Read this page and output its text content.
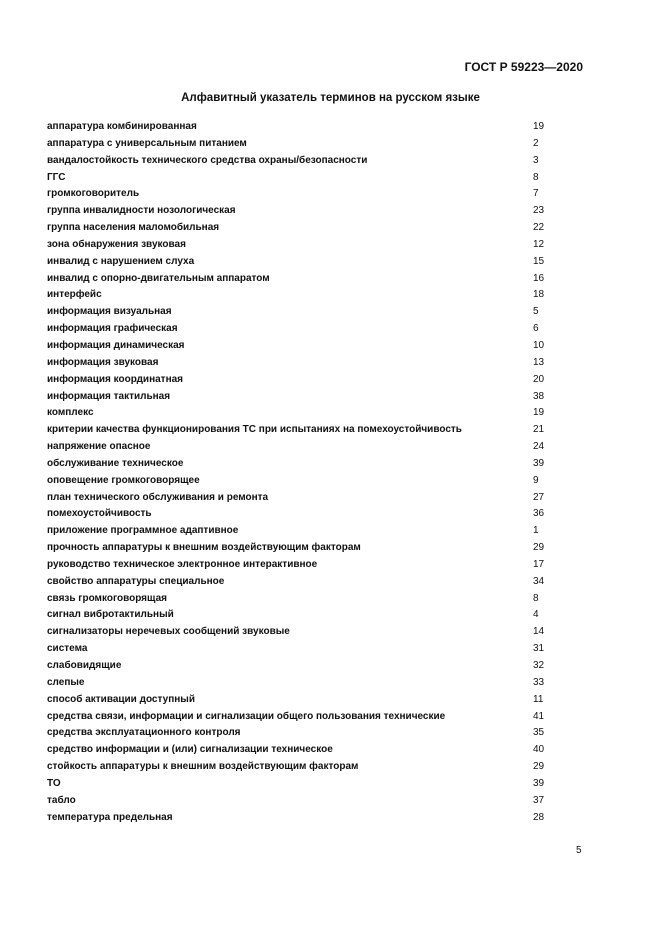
ГОСТ Р 59223—2020
Алфавитный указатель терминов на русском языке
аппаратура комбинированная	19
аппаратура с универсальным питанием	2
вандалостойкость технического средства охраны/безопасности	3
ГГС	8
громкоговоритель	7
группа инвалидности нозологическая	23
группа населения маломобильная	22
зона обнаружения звуковая	12
инвалид с нарушением слуха	15
инвалид с опорно-двигательным аппаратом	16
интерфейс	18
информация визуальная	5
информация графическая	6
информация динамическая	10
информация звуковая	13
информация координатная	20
информация тактильная	38
комплекс	19
критерии качества функционирования ТС при испытаниях на помехоустойчивость	21
напряжение опасное	24
обслуживание техническое	39
оповещение громкоговорящее	9
план технического обслуживания и ремонта	27
помехоустойчивость	36
приложение программное адаптивное	1
прочность аппаратуры к внешним воздействующим факторам	29
руководство техническое электронное интерактивное	17
свойство аппаратуры специальное	34
связь громкоговорящая	8
сигнал вибротактильный	4
сигнализаторы неречевых сообщений звуковые	14
система	31
слабовидящие	32
слепые	33
способ активации доступный	11
средства связи, информации и сигнализации общего пользования технические	41
средства эксплуатационного контроля	35
средство информации и (или) сигнализации техническое	40
стойкость аппаратуры к внешним воздействующим факторам	29
ТО	39
табло	37
температура предельная	28
5
